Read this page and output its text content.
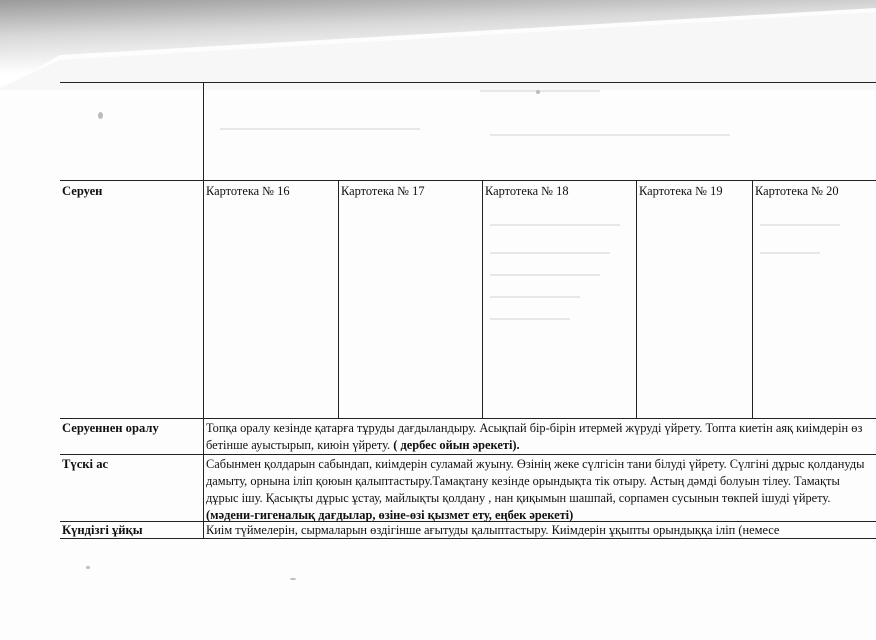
Серуен	Картотека № 16	Картотека № 17	Картотека № 18	Картотека № 19	Картотека № 20
Серуеннен оралу	Топқа оралу кезінде қатарға тұруды дағдыландыру. Асықпай бір-бірін итермей жүруді үйрету. Топта киетін аяқ киімдерін өз бетінше ауыстырып, киюін үйрету. ( дербес ойын әрекеті).
Түскі ас	Сабынмен қолдарын сабындап, киімдерін суламай жуыну. Өзінің жеке сүлгісін тани білуді үйрету. Сүлгіні дұрыс қолдануды дамыту, орнына іліп қоюын қалыптастыру.Тамақтану кезінде орындықта тік отыру. Астың дәмді болуын тілеу. Тамақты дұрыс ішу. Қасықты дұрыс ұстау, майлықты қолдану , нан қиқымын шашпай, сорпамен сусынын төкпей ішуді үйрету. (мәдени-гигеналық дағдылар, өзіне-өзі қызмет ету, еңбек әрекеті)
Күндізгі ұйқы	Киім түймелерін, сырмаларын өздігінше ағытуды қалыптастыру. Киімдерін ұқыпты орындыққа іліп (немесе
